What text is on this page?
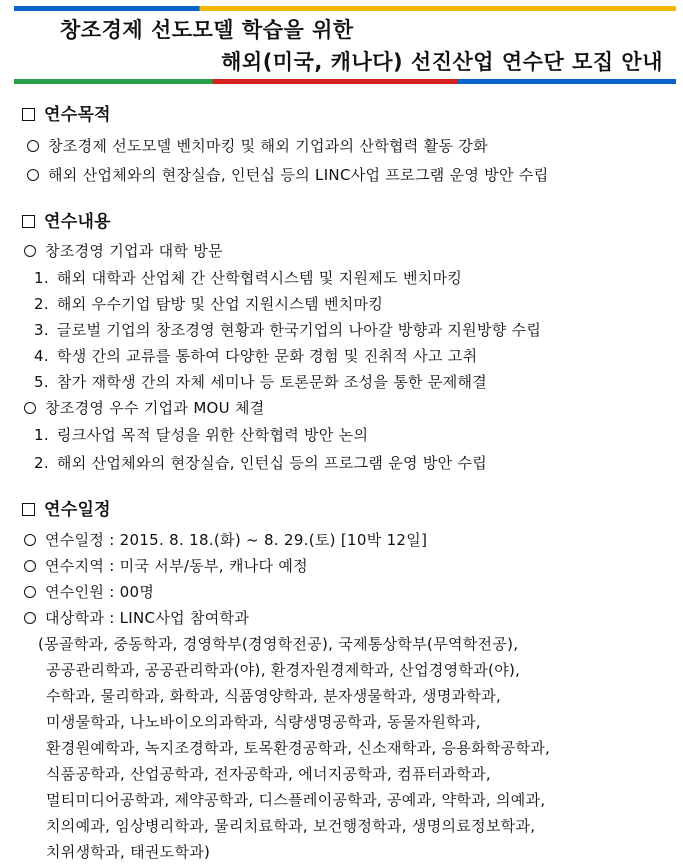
창조경제 선도모델 학습을 위한
해외(미국, 캐나다) 선진산업 연수단 모집 안내
연수목적
창조경제 선도모델 벤치마킹 및 해외 기업과의 산학협력 활동 강화
해외 산업체와의 현장실습, 인턴십 등의 LINC사업 프로그램 운영 방안 수립
연수내용
창조경영 기업과 대학 방문
1. 해외 대학과 산업체 간 산학협력시스템 및 지원제도 벤치마킹
2. 해외 우수기업 탐방 및 산업 지원시스템 벤치마킹
3. 글로벌 기업의 창조경영 현황과 한국기업의 나아갈 방향과 지원방향 수립
4. 학생 간의 교류를 통하여 다양한 문화 경험 및 진취적 사고 고취
5. 참가 재학생 간의 자체 세미나 등 토론문화 조성을 통한 문제해결
창조경영 우수 기업과 MOU 체결
1. 링크사업 목적 달성을 위한 산학협력 방안 논의
2. 해외 산업체와의 현장실습, 인턴십 등의 프로그램 운영 방안 수립
연수일정
연수일정 : 2015. 8. 18.(화) ~ 8. 29.(토) [10박 12일]
연수지역 : 미국 서부/동부, 캐나다 예정
연수인원 : 00명
대상학과 : LINC사업 참여학과
(몽골학과, 중동학과, 경영학부(경영학전공), 국제통상학부(무역학전공),
공공관리학과, 공공관리학과(야), 환경자원경제학과, 산업경영학과(야),
수학과, 물리학과, 화학과, 식품영양학과, 분자생물학과, 생명과학과,
미생물학과, 나노바이오의과학과, 식량생명공학과, 동물자원학과,
환경원예학과, 녹지조경학과, 토목환경공학과, 신소재학과, 응용화학공학과,
식품공학과, 산업공학과, 전자공학과, 에너지공학과, 컴퓨터과학과,
멀티미디어공학과, 제약공학과, 디스플레이공학과, 공예과, 약학과, 의예과,
치의예과, 임상병리학과, 물리치료학과, 보건행정학과, 생명의료정보학과,
치위생학과, 태권도학과)
